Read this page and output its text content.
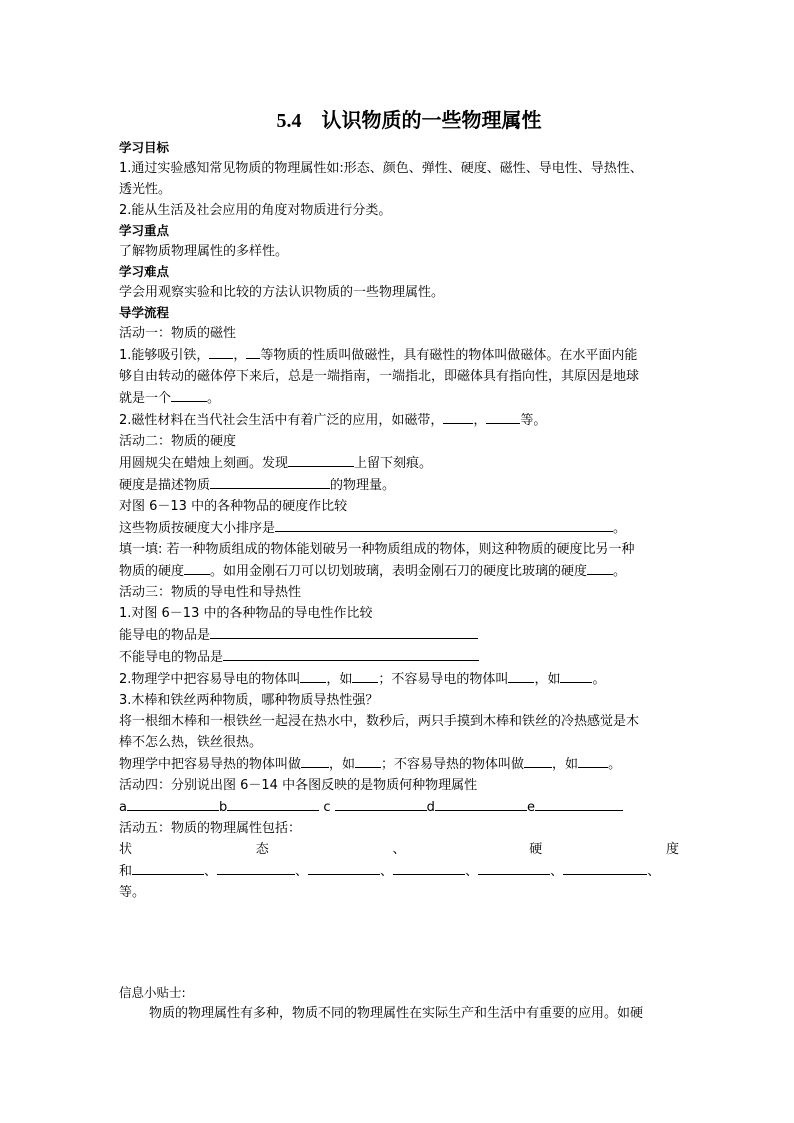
5.4　认识物质的一些物理属性
学习目标
1.通过实验感知常见物质的物理属性如:形态、颜色、弹性、硬度、磁性、导电性、导热性、
透光性。
2.能从生活及社会应用的角度对物质进行分类。
学习重点
了解物质物理属性的多样性。
学习难点
学会用观察实验和比较的方法认识物质的一些物理属性。
导学流程
活动一：物质的磁性
1.能够吸引铁， ， 等物质的性质叫做磁性，具有磁性的物体叫做磁体。在水平面内能
够自由转动的磁体停下来后，总是一端指南，一端指北，即磁体具有指向性，其原因是地球
就是一个	。
2.磁性材料在当代社会生活中有着广泛的应用，如磁带， ，	等。
活动二：物质的硬度
用圆规尖在蜡烛上刻画。发现	上留下刻痕。
硬度是描述物质	的物理量。
对图 6－13 中的各种物品的硬度作比较
这些物质按硬度大小排序是	。
填一填: 若一种物质组成的物体能划破另一种物质组成的物体，则这种物质的硬度比另一种
物质的硬度 。如用金刚石刀可以切划玻璃，表明金刚石刀的硬度比玻璃的硬度 。
活动三：物质的导电性和导热性
1.对图 6－13 中的各种物品的导电性作比较
能导电的物品是
不能导电的物品是
2.物理学中把容易导电的物体叫 ，如 ；不容易导电的物体叫 ，如 。
3.木棒和铁丝两种物质，哪种物质导热性强？
将一根细木棒和一根铁丝一起浸在热水中，数秒后，两只手摸到木棒和铁丝的冷热感觉是木
棒不怎么热，铁丝很热。
物理学中把容易导热的物体叫做 ，如 ；不容易导热的物体叫做 ，如 。
活动四：分别说出图 6－14 中各图反映的是物质何种物理属性
a	b	c	d	e
活动五：物质的物理属性包括：
状	态	、	硬	度
和	、	、	、	、	、	、
等。
信息小贴士:
物质的物理属性有多种，物质不同的物理属性在实际生产和生活中有重要的应用。如硬
